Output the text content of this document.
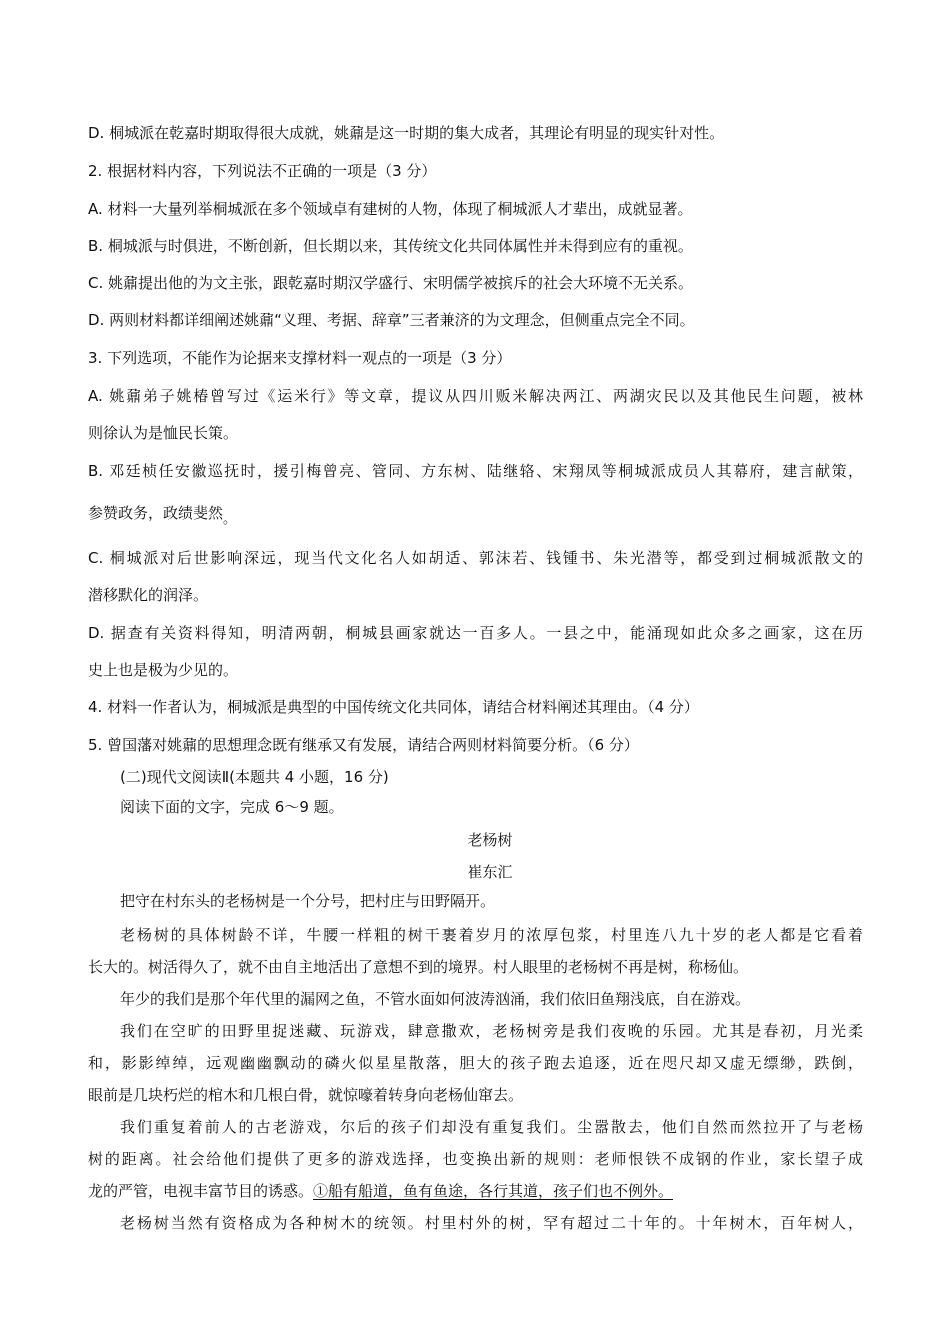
D. 桐城派在乾嘉时期取得很大成就，姚鼐是这一时期的集大成者，其理论有明显的现实针对性。
2. 根据材料内容，下列说法不正确的一项是（3 分）
A. 材料一大量列举桐城派在多个领域卓有建树的人物，体现了桐城派人才辈出，成就显著。
B. 桐城派与时俱进，不断创新，但长期以来，其传统文化共同体属性并未得到应有的重视。
C. 姚鼐提出他的为文主张，跟乾嘉时期汉学盛行、宋明儒学被摈斥的社会大环境不无关系。
D. 两则材料都详细阐述姚鼐“义理、考据、辞章”三者兼济的为文理念，但侧重点完全不同。
3. 下列选项，不能作为论据来支撑材料一观点的一项是（3 分）
A. 姚鼐弟子姚椿曾写过《运米行》等文章，提议从四川贩米解决两江、两湖灾民以及其他民生问题，被林
则徐认为是恤民长策。
B. 邓廷桢任安徽巡抚时，援引梅曾亮、管同、方东树、陆继辂、宋翔凤等桐城派成员人其幕府，建言献策，
参赞政务，政绩斐然。
C. 桐城派对后世影响深远，现当代文化名人如胡适、郭沫若、钱锺书、朱光潜等，都受到过桐城派散文的
潜移默化的润泽。
D. 据查有关资料得知，明清两朝，桐城县画家就达一百多人。一县之中，能涌现如此众多之画家，这在历
史上也是极为少见的。
4. 材料一作者认为，桐城派是典型的中国传统文化共同体，请结合材料阐述其理由。（4 分）
5. 曾国藩对姚鼐的思想理念既有继承又有发展，请结合两则材料简要分析。（6 分）
(二)现代文阅读Ⅱ(本题共 4 小题，16 分)
阅读下面的文字，完成 6～9 题。
老杨树
崔东汇
把守在村东头的老杨树是一个分号，把村庄与田野隔开。
老杨树的具体树龄不详，牛腰一样粗的树干裹着岁月的浓厚包浆，村里连八九十岁的老人都是它看着
长大的。树活得久了，就不由自主地活出了意想不到的境界。村人眼里的老杨树不再是树，称杨仙。
年少的我们是那个年代里的漏网之鱼，不管水面如何波涛汹涌，我们依旧鱼翔浅底，自在游戏。
我们在空旷的田野里捉迷藏、玩游戏，肆意撒欢，老杨树旁是我们夜晚的乐园。尤其是春初，月光柔
和，影影绰绰，远观幽幽飘动的磷火似星星散落，胆大的孩子跑去追逐，近在咫尺却又虚无缥缈，跌倒，
眼前是几块朽烂的棺木和几根白骨，就惊嚎着转身向老杨仙窜去。
我们重复着前人的古老游戏，尔后的孩子们却没有重复我们。尘嚣散去，他们自然而然拉开了与老杨
树的距离。社会给他们提供了更多的游戏选择，也变换出新的规则：老师恨铁不成钢的作业，家长望子成
龙的严管，电视丰富节目的诱惑。①船有船道，鱼有鱼途，各行其道，孩子们也不例外。
老杨树当然有资格成为各种树木的统领。村里村外的树，罕有超过二十年的。十年树木，百年树人，
